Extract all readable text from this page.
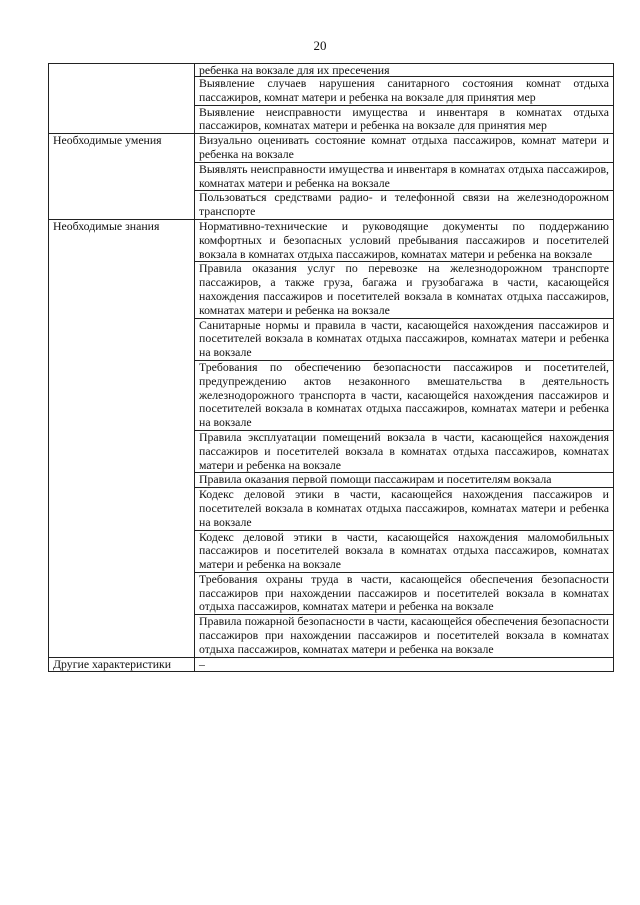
20
	ребенка на вокзале для их пресечения
	Выявление случаев нарушения санитарного состояния комнат отдыха пассажиров, комнат матери и ребенка на вокзале для принятия мер
	Выявление неисправности имущества и инвентаря в комнатах отдыха пассажиров, комнатах матери и ребенка на вокзале для принятия мер
Необходимые умения	Визуально оценивать состояние комнат отдыха пассажиров, комнат матери и ребенка на вокзале
	Выявлять неисправности имущества и инвентаря в комнатах отдыха пассажиров, комнатах матери и ребенка на вокзале
	Пользоваться средствами радио- и телефонной связи на железнодорожном транспорте
Необходимые знания	Нормативно-технические и руководящие документы по поддержанию комфортных и безопасных условий пребывания пассажиров и посетителей вокзала в комнатах отдыха пассажиров, комнатах матери и ребенка на вокзале
	Правила оказания услуг по перевозке на железнодорожном транспорте пассажиров, а также груза, багажа и грузобагажа в части, касающейся нахождения пассажиров и посетителей вокзала в комнатах отдыха пассажиров, комнатах матери и ребенка на вокзале
	Санитарные нормы и правила в части, касающейся нахождения пассажиров и посетителей вокзала в комнатах отдыха пассажиров, комнатах матери и ребенка на вокзале
	Требования по обеспечению безопасности пассажиров и посетителей, предупреждению актов незаконного вмешательства в деятельность железнодорожного транспорта в части, касающейся нахождения пассажиров и посетителей вокзала в комнатах отдыха пассажиров, комнатах матери и ребенка на вокзале
	Правила эксплуатации помещений вокзала в части, касающейся нахождения пассажиров и посетителей вокзала в комнатах отдыха пассажиров, комнатах матери и ребенка на вокзале
	Правила оказания первой помощи пассажирам и посетителям вокзала
	Кодекс деловой этики в части, касающейся нахождения пассажиров и посетителей вокзала в комнатах отдыха пассажиров, комнатах матери и ребенка на вокзале
	Кодекс деловой этики в части, касающейся нахождения маломобильных пассажиров и посетителей вокзала в комнатах отдыха пассажиров, комнатах матери и ребенка на вокзале
	Требования охраны труда в части, касающейся обеспечения безопасности пассажиров при нахождении пассажиров и посетителей вокзала в комнатах отдыха пассажиров, комнатах матери и ребенка на вокзале
	Правила пожарной безопасности в части, касающейся обеспечения безопасности пассажиров при нахождении пассажиров и посетителей вокзала в комнатах отдыха пассажиров, комнатах матери и ребенка на вокзале
Другие характеристики	–
